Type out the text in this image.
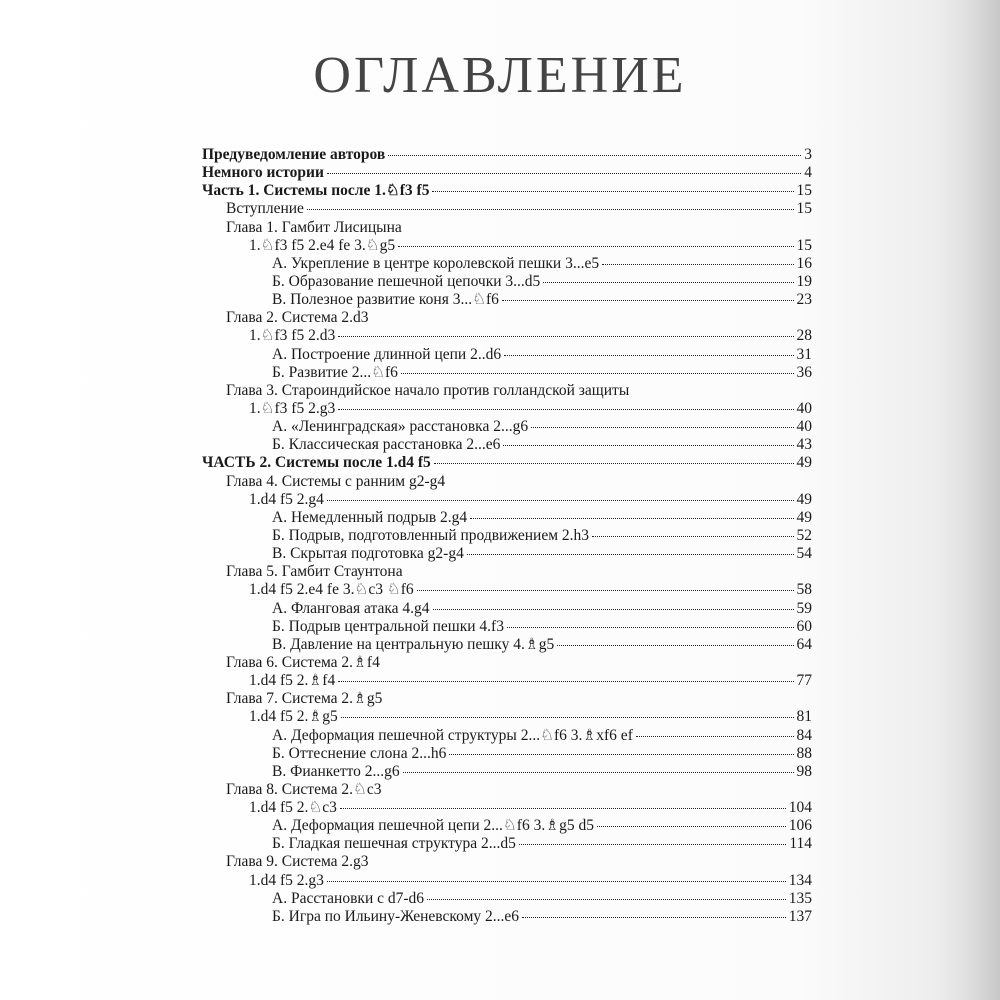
ОГЛАВЛЕНИЕ
Предуведомление авторов	3
Немного истории	4
Часть 1. Системы после 1.♘f3 f5	15
Вступление	15
Глава 1. Гамбит Лисицына
1.♘f3 f5 2.e4 fe 3.♘g5	15
А. Укрепление в центре королевской пешки 3...e5	16
Б. Образование пешечной цепочки 3...d5	19
В. Полезное развитие коня 3...♘f6	23
Глава 2. Система 2.d3
1.♘f3 f5 2.d3	28
А. Построение длинной цепи 2..d6	31
Б. Развитие 2...♘f6	36
Глава 3. Староиндийское начало против голландской защиты
1.♘f3 f5 2.g3	40
А. «Ленинградская» расстановка 2...g6	40
Б. Классическая расстановка 2...e6	43
ЧАСТЬ 2. Системы после 1.d4 f5	49
Глава 4. Системы с ранним g2-g4
1.d4 f5 2.g4	49
А. Немедленный подрыв 2.g4	49
Б. Подрыв, подготовленный продвижением 2.h3	52
В. Скрытая подготовка g2-g4	54
Глава 5. Гамбит Стаунтона
1.d4 f5 2.e4 fe 3.♘c3 ♘f6	58
А. Фланговая атака 4.g4	59
Б. Подрыв центральной пешки 4.f3	60
В. Давление на центральную пешку 4.♗g5	64
Глава 6. Система 2.♗f4
1.d4 f5 2.♗f4	77
Глава 7. Система 2.♗g5
1.d4 f5 2.♗g5	81
А. Деформация пешечной структуры 2...♘f6 3.♗xf6 ef	84
Б. Оттеснение слона 2...h6	88
В. Фианкетто 2...g6	98
Глава 8. Система 2.♘c3
1.d4 f5 2.♘c3	104
А. Деформация пешечной цепи 2...♘f6 3.♗g5 d5	106
Б. Гладкая пешечная структура 2...d5	114
Глава 9. Система 2.g3
1.d4 f5 2.g3	134
А. Расстановки с d7-d6	135
Б. Игра по Ильину-Женевскому 2...e6	137
